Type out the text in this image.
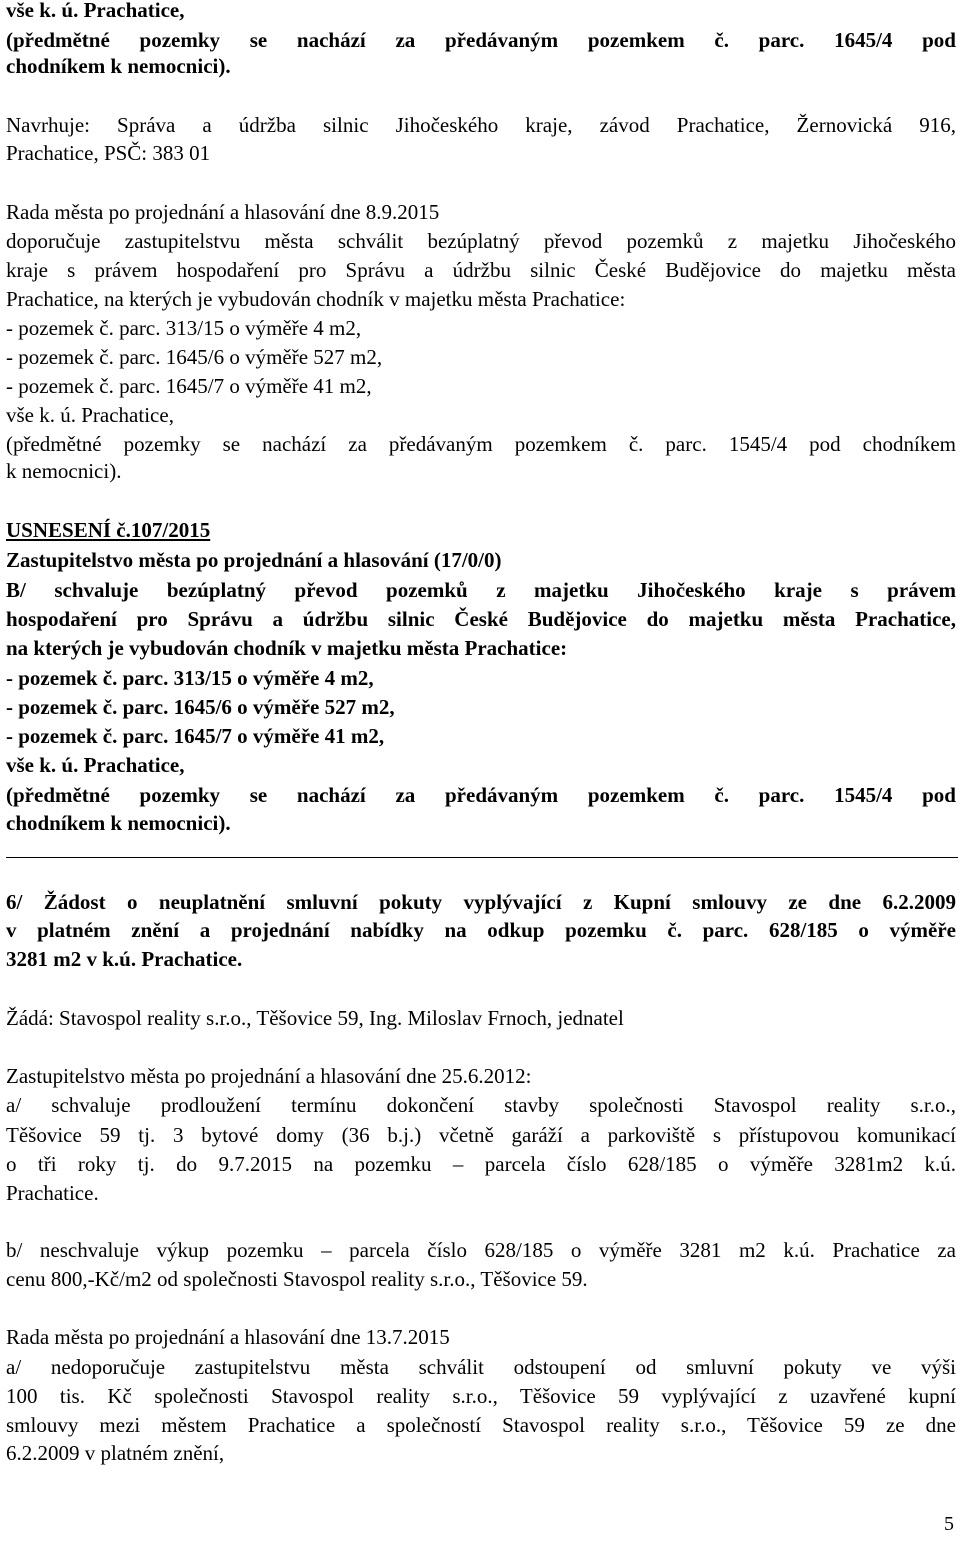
vše k. ú. Prachatice,
(předmětné pozemky se nachází za předávaným pozemkem č. parc. 1645/4 pod
chodníkem k nemocnici).
Navrhuje: Správa a údržba silnic Jihočeského kraje, závod Prachatice, Žernovická 916,
Prachatice, PSČ: 383 01
Rada města po projednání a hlasování dne 8.9.2015
doporučuje zastupitelstvu města schválit bezúplatný převod pozemků z majetku Jihočeského
kraje s právem hospodaření pro Správu a údržbu silnic České Budějovice do majetku města
Prachatice, na kterých je vybudován chodník v majetku města Prachatice:
- pozemek č. parc. 313/15 o výměře 4 m2,
- pozemek č. parc. 1645/6 o výměře 527 m2,
- pozemek č. parc. 1645/7 o výměře 41 m2,
vše k. ú. Prachatice,
(předmětné pozemky se nachází za předávaným pozemkem č. parc. 1545/4 pod chodníkem
k nemocnici).
USNESENÍ č.107/2015
Zastupitelstvo města po projednání a hlasování (17/0/0)
B/ schvaluje bezúplatný převod pozemků z majetku Jihočeského kraje s právem
hospodaření pro Správu a údržbu silnic České Budějovice do majetku města Prachatice,
na kterých je vybudován chodník v majetku města Prachatice:
- pozemek č. parc. 313/15 o výměře 4 m2,
- pozemek č. parc. 1645/6 o výměře 527 m2,
- pozemek č. parc. 1645/7 o výměře 41 m2,
vše k. ú. Prachatice,
(předmětné pozemky se nachází za předávaným pozemkem č. parc. 1545/4 pod
chodníkem k nemocnici).
6/ Žádost o neuplatnění smluvní pokuty vyplývající z Kupní smlouvy ze dne 6.2.2009
v platném znění a projednání nabídky na odkup pozemku č. parc. 628/185 o výměře
3281 m2 v k.ú. Prachatice.
Žádá: Stavospol reality s.r.o., Těšovice 59, Ing. Miloslav Frnoch, jednatel
Zastupitelstvo města po projednání a hlasování dne 25.6.2012:
a/ schvaluje prodloužení termínu dokončení stavby společnosti Stavospol reality s.r.o.,
Těšovice 59 tj. 3 bytové domy (36 b.j.) včetně garáží a parkoviště s přístupovou komunikací
o tři roky tj. do 9.7.2015 na pozemku – parcela číslo 628/185 o výměře 3281m2 k.ú.
Prachatice.
b/ neschvaluje výkup pozemku – parcela číslo 628/185 o výměře 3281 m2 k.ú. Prachatice za
cenu 800,-Kč/m2 od společnosti Stavospol reality s.r.o., Těšovice 59.
Rada města po projednání a hlasování dne 13.7.2015
a/ nedoporučuje zastupitelstvu města schválit odstoupení od smluvní pokuty ve výši
100 tis. Kč společnosti Stavospol reality s.r.o., Těšovice 59 vyplývající z uzavřené kupní
smlouvy mezi městem Prachatice a společností Stavospol reality s.r.o., Těšovice 59 ze dne
6.2.2009 v platném znění,
5
